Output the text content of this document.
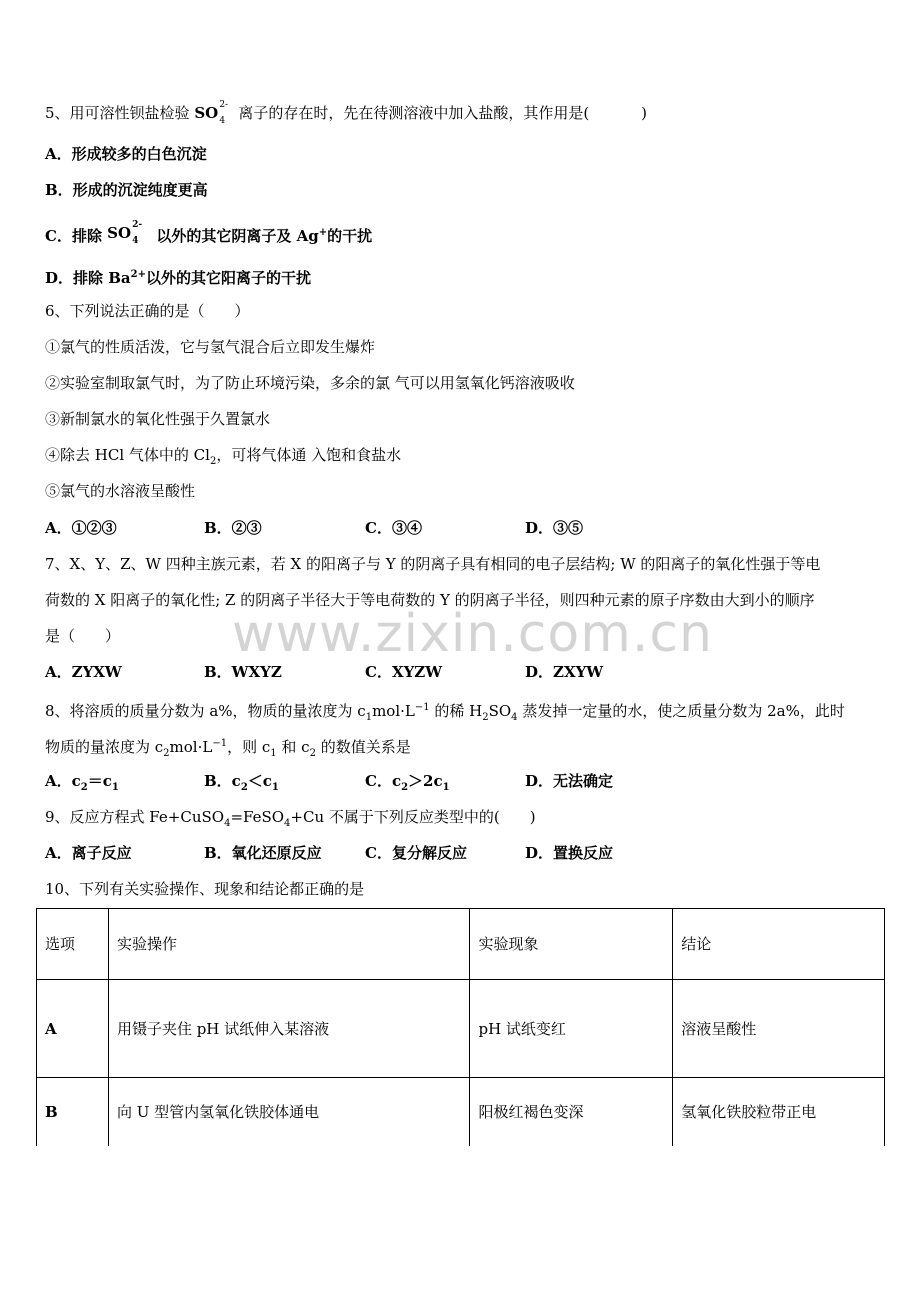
5、用可溶性钡盐检验 SO 2-
4 离子的存在时，先在待测溶液中加入盐酸，其作用是(	)
A．形成较多的白色沉淀
B．形成的沉淀纯度更高
C．排除 SO 2-
4 以外的其它阴离子及 Ag+的干扰
D．排除 $Ba^{2+}$以外的其它阳离子的干扰
6、下列说法正确的是（　　）
①氯气的性质活泼，它与氢气混合后立即发生爆炸
②实验室制取氯气时，为了防止环境污染，多余的氯 气可以用氢氧化钙溶液吸收
③新制氯水的氧化性强于久置氯水
④除去 HCl 气体中的 $Cl_2$，可将气体通 入饱和食盐水
⑤氯气的水溶液呈酸性
A．①②③	B．②③	C．③④	D．③⑤
7、X、Y、Z、W 四种主族元素，若 X 的阳离子与 Y 的阴离子具有相同的电子层结构; W 的阳离子的氧化性强于等电
荷数的 X 阳离子的氧化性; Z 的阴离子半径大于等电荷数的 Y 的阴离子半径，则四种元素的原子序数由大到小的顺序
是（　　）
A．ZYXW	B．WXYZ	C．XYZW	D．ZXYW
www.zixin.com.cn
8、将溶质的质量分数为 a%，物质的量浓度为 $c_1mol\cdot L^{-1}$ 的稀 $H_2SO_4$ 蒸发掉一定量的水，使之质量分数为 2a%，此时
物质的量浓度为 $c_2mol\cdot L^{-1}$，则 $c_1$ 和 $c_2$ 的数值关系是
A．$c_2=c_1$	B．$c_2<c_1$	C．$c_2>2c_1$	D．无法确定
9、反应方程式 Fe+CuSO$_4$=FeSO$_4$+Cu 不属于下列反应类型中的(　　)
A．离子反应	B．氧化还原反应	C．复分解反应	D．置换反应
10、下列有关实验操作、现象和结论都正确的是
选项	实验操作	实验现象	结论
A	用镊子夹住 pH 试纸伸入某溶液	pH 试纸变红	溶液呈酸性
B	向 U 型管内氢氧化铁胶体通电	阳极红褐色变深	氢氧化铁胶粒带正电
